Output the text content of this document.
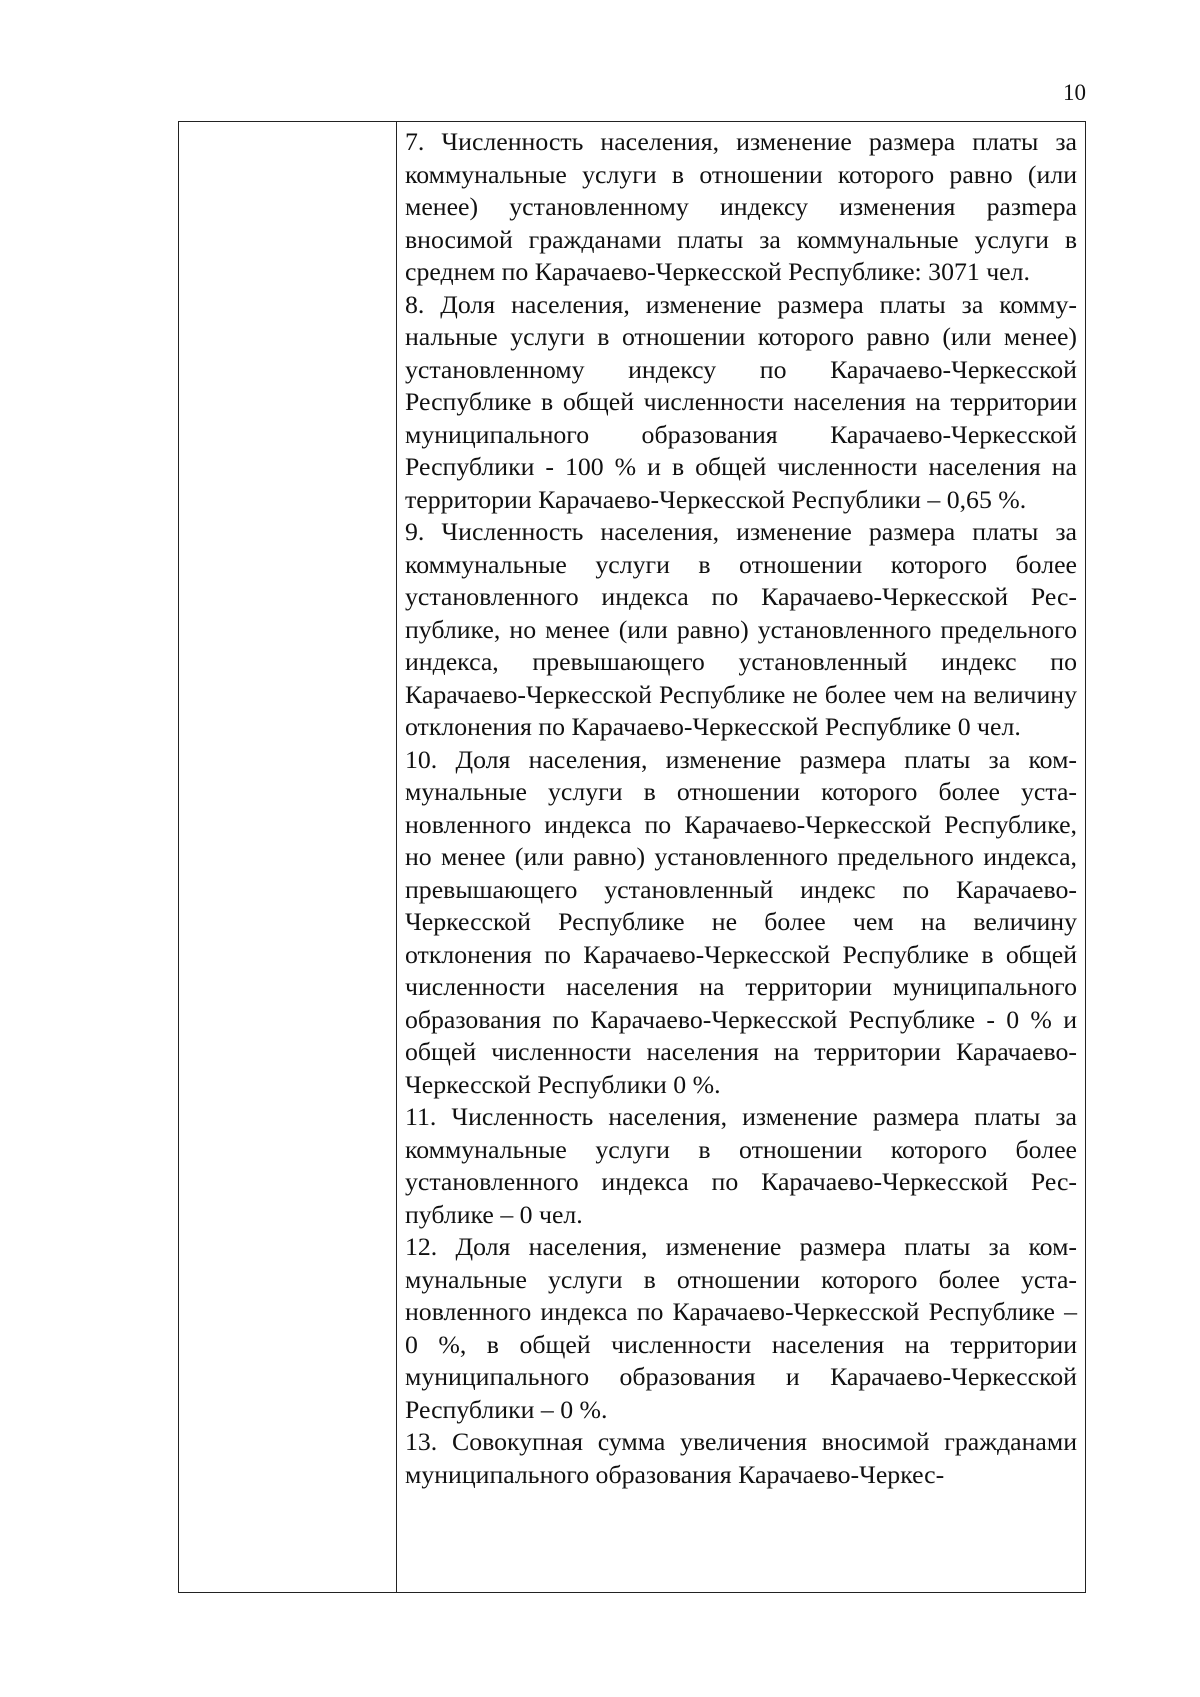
10

7. Численность населения, изменение размера платы за коммунальные услуги в отношении которого равно (или менее) установленному индексу изменения разmера вносимой гражданами платы за коммунальные услуги в среднем по Карачаево-Черкесской Республике: 3071 чел.

8. Доля населения, изменение размера платы за коммунальные услуги в отношении которого равно (или менее) установленному индексу по Карачаево-Черкесской Республике в общей численности населения на территории муниципального образования Карачаево-Черкесской Республики - 100 % и в общей численности населения на территории Карачаево-Черкесской Республики – 0,65 %.

9. Численность населения, изменение размера платы за коммунальные услуги в отношении которого более установленного индекса по Карачаево-Черкесской Республике, но менее (или равно) установленного предельного индекса, превышающего установленный индекс по Карачаево-Черкесской Республике не более чем на величину отклонения по Карачаево-Черкесской Республике 0 чел.

10. Доля населения, изменение размера платы за коммунальные услуги в отношении которого более установленного индекса по Карачаево-Черкесской Республике, но менее (или равно) установленного предельного индекса, превышающего установленный индекс по Карачаево-Черкесской Республике не более чем на величину отклонения по Карачаево-Черкесской Республике в общей численности населения на территории муниципального образования по Карачаево-Черкесской Республике - 0 % и общей численности населения на территории Карачаево-Черкесской Республики 0 %.

11. Численность населения, изменение размера платы за коммунальные услуги в отношении которого более установленного индекса по Карачаево-Черкесской Республике – 0 чел.

12. Доля населения, изменение размера платы за коммунальные услуги в отношении которого более установленного индекса по Карачаево-Черкесской Республике – 0 %, в общей численности населения на территории муниципального образования и Карачаево-Черкесской Республики – 0 %.

13. Совокупная сумма увеличения вносимой гражданами муниципального образования Карачаево-Черкес-
